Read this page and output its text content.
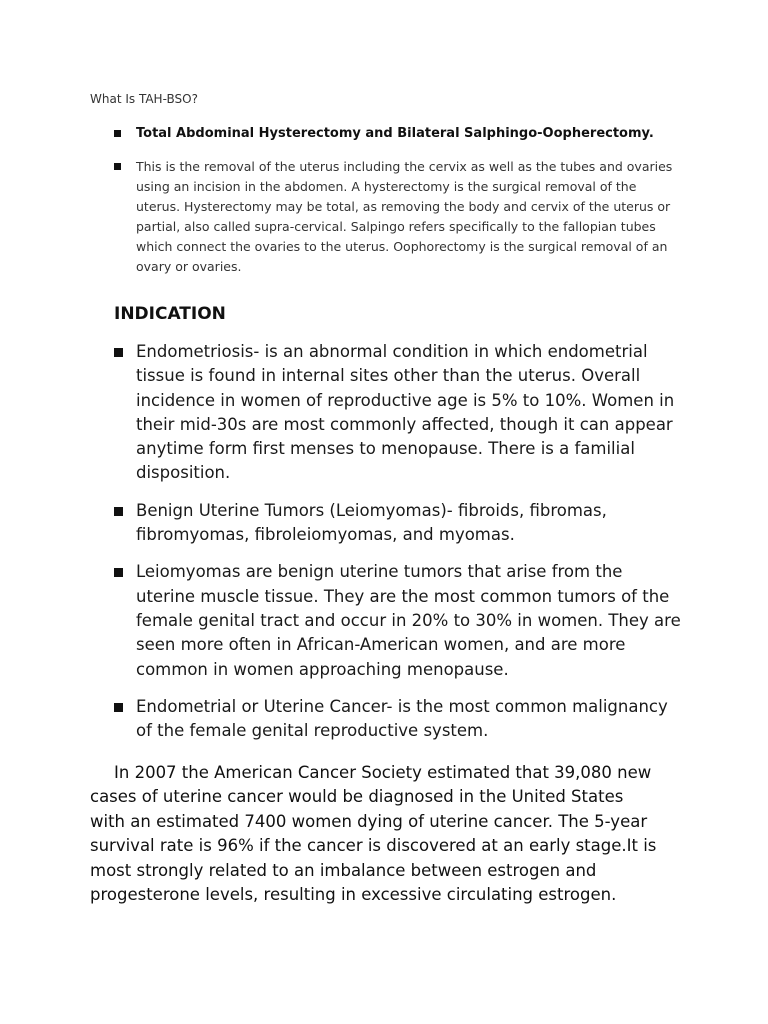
What Is TAH-BSO?

Total Abdominal Hysterectomy and Bilateral Salphingo-Oopherectomy.
This is the removal of the uterus including the cervix as well as the tubes and ovaries using an incision in the abdomen. A hysterectomy is the surgical removal of the uterus. Hysterectomy may be total, as removing the body and cervix of the uterus or partial, also called supra-cervical. Salpingo refers specifically to the fallopian tubes which connect the ovaries to the uterus. Oophorectomy is the surgical removal of an ovary or ovaries.
INDICATION
Endometriosis- is an abnormal condition in which endometrial tissue is found in internal sites other than the uterus. Overall incidence in women of reproductive age is 5% to 10%. Women in their mid-30s are most commonly affected, though it can appear anytime form first menses to menopause. There is a familial disposition.
Benign Uterine Tumors (Leiomyomas)- fibroids, fibromas, fibromyomas, fibroleiomyomas, and myomas.
Leiomyomas are benign uterine tumors that arise from the uterine muscle tissue. They are the most common tumors of the female genital tract and occur in 20% to 30% in women. They are seen more often in African-American women, and are more common in women approaching menopause.
Endometrial or Uterine Cancer- is the most common malignancy of the female genital reproductive system.

In 2007 the American Cancer Society estimated that 39,080 new cases of uterine cancer would be diagnosed in the United States with an estimated 7400 women dying of uterine cancer. The 5-year survival rate is 96% if the cancer is discovered at an early stage.It is most strongly related to an imbalance between estrogen and progesterone levels, resulting in excessive circulating estrogen.
